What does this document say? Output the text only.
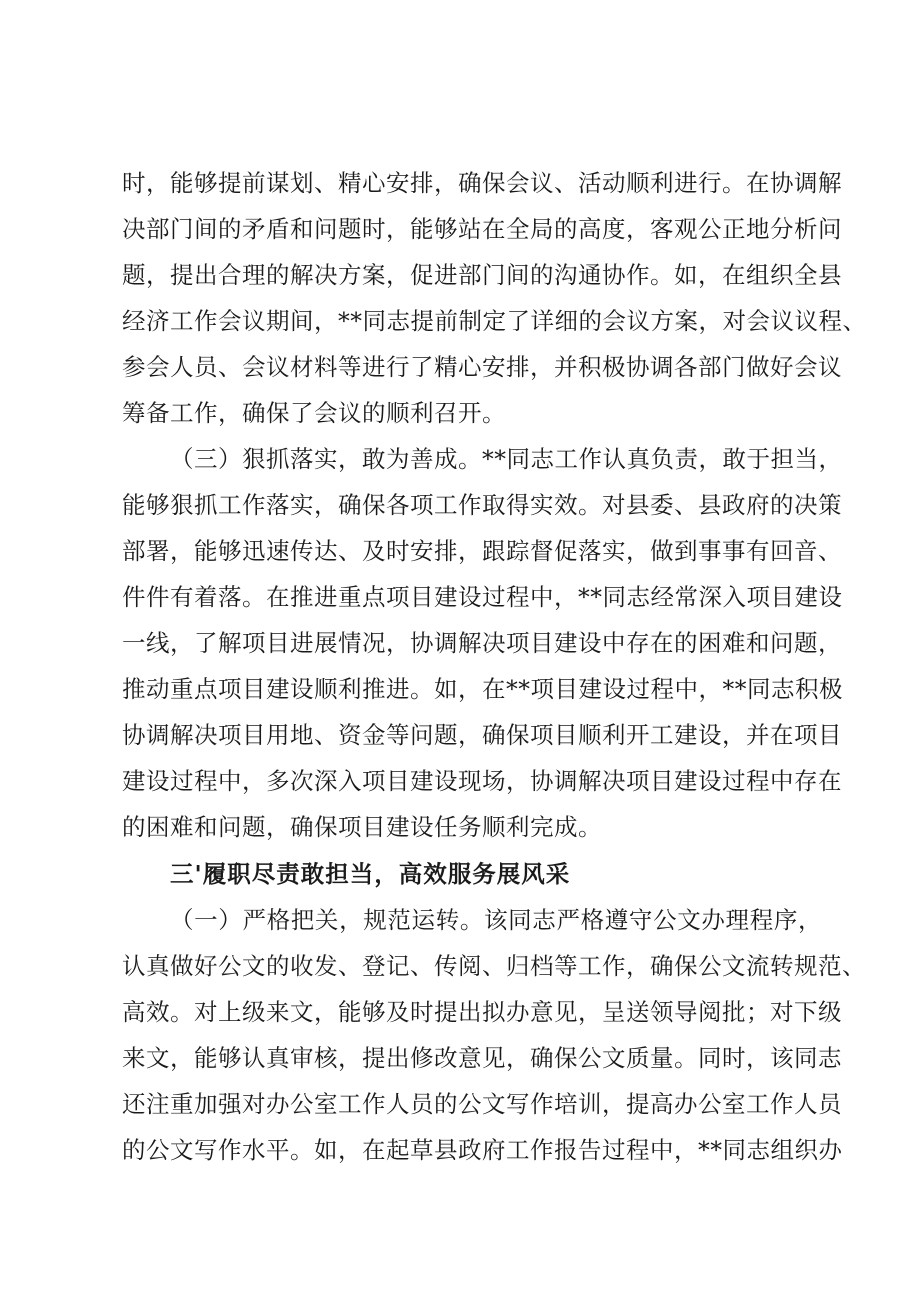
时，能够提前谋划、精心安排，确保会议、活动顺利进行。在协调解
决部门间的矛盾和问题时，能够站在全局的高度，客观公正地分析问
题，提出合理的解决方案，促进部门间的沟通协作。如，在组织全县
经济工作会议期间，**同志提前制定了详细的会议方案，对会议议程、
参会人员、会议材料等进行了精心安排，并积极协调各部门做好会议
筹备工作，确保了会议的顺利召开。
（三）狠抓落实，敢为善成。**同志工作认真负责，敢于担当，
能够狠抓工作落实，确保各项工作取得实效。对县委、县政府的决策
部署，能够迅速传达、及时安排，跟踪督促落实，做到事事有回音、
件件有着落。在推进重点项目建设过程中，**同志经常深入项目建设
一线，了解项目进展情况，协调解决项目建设中存在的困难和问题，
推动重点项目建设顺利推进。如，在**项目建设过程中，**同志积极
协调解决项目用地、资金等问题，确保项目顺利开工建设，并在项目
建设过程中，多次深入项目建设现场，协调解决项目建设过程中存在
的困难和问题，确保项目建设任务顺利完成。
三'履职尽责敢担当，高效服务展风采
（一）严格把关，规范运转。该同志严格遵守公文办理程序，
认真做好公文的收发、登记、传阅、归档等工作，确保公文流转规范、
高效。对上级来文，能够及时提出拟办意见，呈送领导阅批；对下级
来文，能够认真审核，提出修改意见，确保公文质量。同时，该同志
还注重加强对办公室工作人员的公文写作培训，提高办公室工作人员
的公文写作水平。如，在起草县政府工作报告过程中，**同志组织办
